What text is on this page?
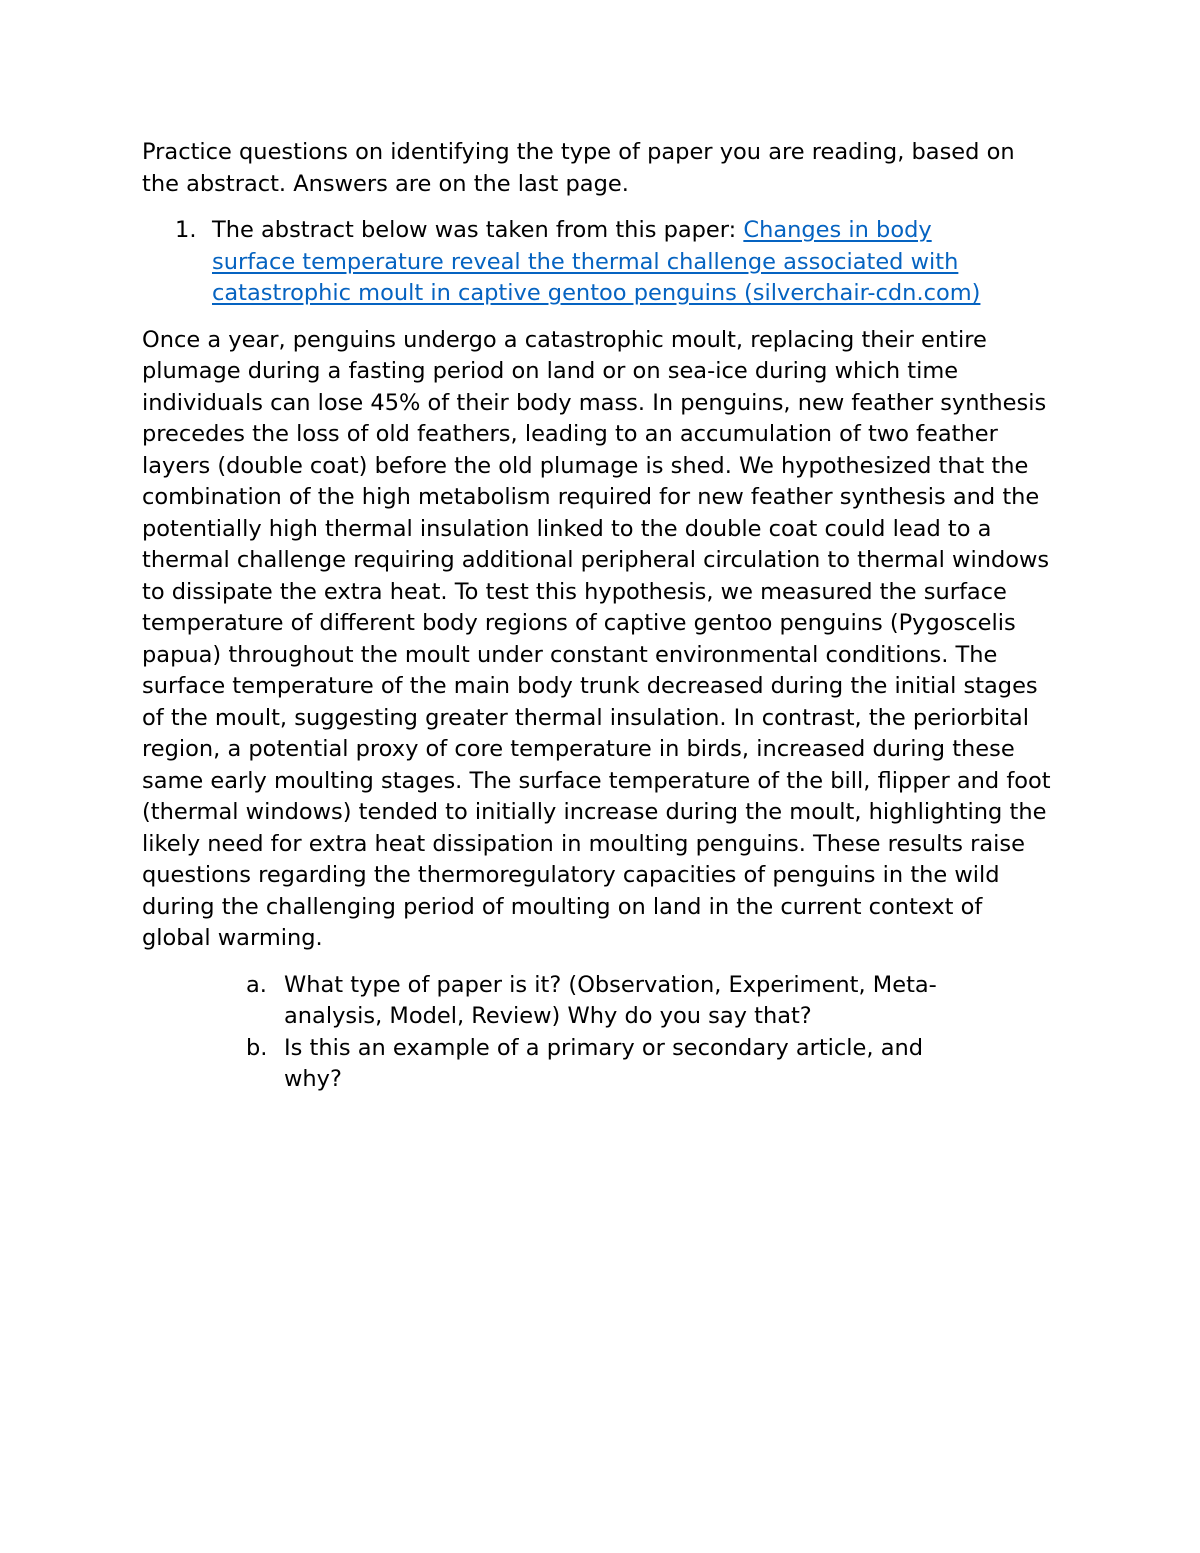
Practice questions on identifying the type of paper you are reading, based on the abstract. Answers are on the last page.

1. The abstract below was taken from this paper: Changes in body surface temperature reveal the thermal challenge associated with catastrophic moult in captive gentoo penguins (silverchair-cdn.com)

Once a year, penguins undergo a catastrophic moult, replacing their entire plumage during a fasting period on land or on sea-ice during which time individuals can lose 45% of their body mass. In penguins, new feather synthesis precedes the loss of old feathers, leading to an accumulation of two feather layers (double coat) before the old plumage is shed. We hypothesized that the combination of the high metabolism required for new feather synthesis and the potentially high thermal insulation linked to the double coat could lead to a thermal challenge requiring additional peripheral circulation to thermal windows to dissipate the extra heat. To test this hypothesis, we measured the surface temperature of different body regions of captive gentoo penguins (Pygoscelis papua) throughout the moult under constant environmental conditions. The surface temperature of the main body trunk decreased during the initial stages of the moult, suggesting greater thermal insulation. In contrast, the periorbital region, a potential proxy of core temperature in birds, increased during these same early moulting stages. The surface temperature of the bill, flipper and foot (thermal windows) tended to initially increase during the moult, highlighting the likely need for extra heat dissipation in moulting penguins. These results raise questions regarding the thermoregulatory capacities of penguins in the wild during the challenging period of moulting on land in the current context of global warming.

a. What type of paper is it? (Observation, Experiment, Meta-analysis, Model, Review) Why do you say that?
b. Is this an example of a primary or secondary article, and why?
